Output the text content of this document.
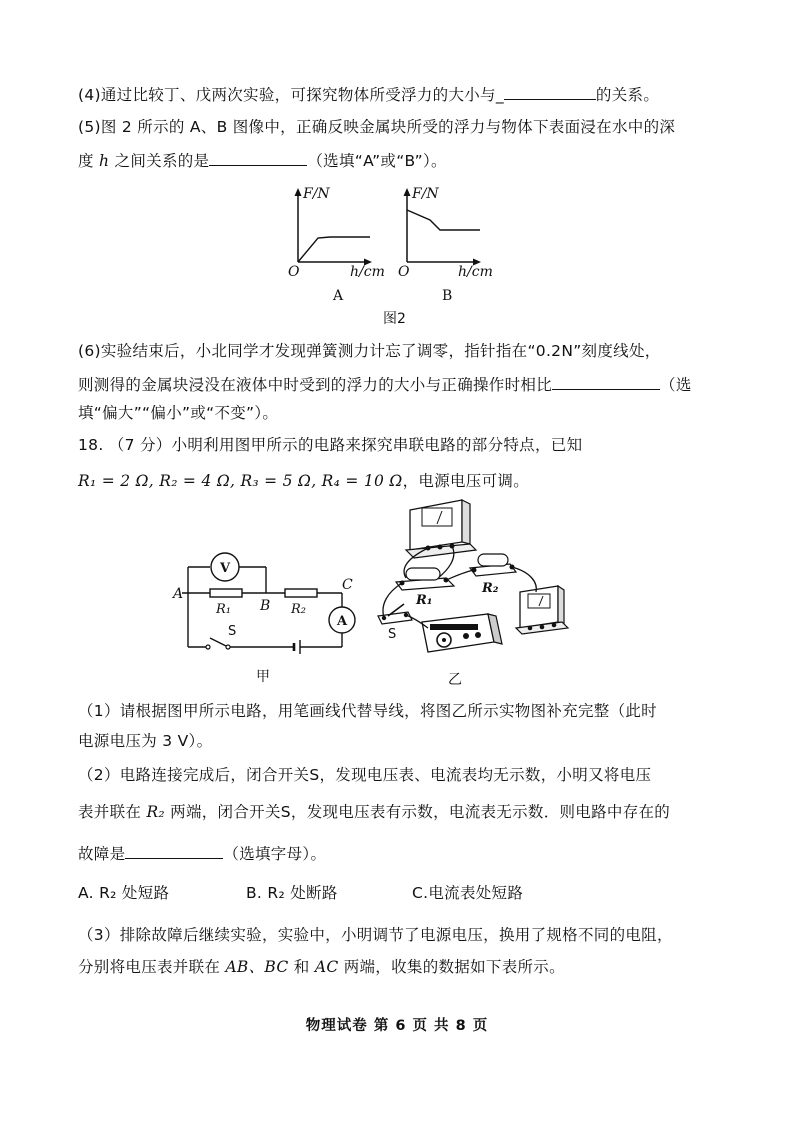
(4)通过比较丁、戊两次实验，可探究物体所受浮力的大小与_	的关系。
(5)图 2 所示的 A、B 图像中，正确反映金属块所受的浮力与物体下表面浸在水中的深
度 h 之间关系的是	（选填“A”或“B”）。
F/N
O	h/cm
A
F/N
O	h/cm
B
图2
(6)实验结束后，小北同学才发现弹簧测力计忘了调零，指针指在“0.2N”刻度线处，
则测得的金属块浸没在液体中时受到的浮力的大小与正确操作时相比	（选
填“偏大”“偏小”或“不变”）。
18. （7 分）小明利用图甲所示的电路来探究串联电路的部分特点，已知
R₁ = 2 Ω, R₂ = 4 Ω, R₃ = 5 Ω, R₄ = 10 Ω，电源电压可调。
V
A
A
B
C
R₁	R₂
S
甲
R₁
R₂
S
乙
（1）请根据图甲所示电路，用笔画线代替导线，将图乙所示实物图补充完整（此时
电源电压为 3 V）。
（2）电路连接完成后，闭合开关S，发现电压表、电流表均无示数，小明又将电压
表并联在 R₂ 两端，闭合开关S，发现电压表有示数，电流表无示数．则电路中存在的
故障是	（选填字母）。
A. R₂ 处短路	B. R₂ 处断路	C.电流表处短路
（3）排除故障后继续实验，实验中，小明调节了电源电压，换用了规格不同的电阻，
分别将电压表并联在 AB、BC 和 AC 两端，收集的数据如下表所示。
物理试卷 第 6 页 共 8 页
